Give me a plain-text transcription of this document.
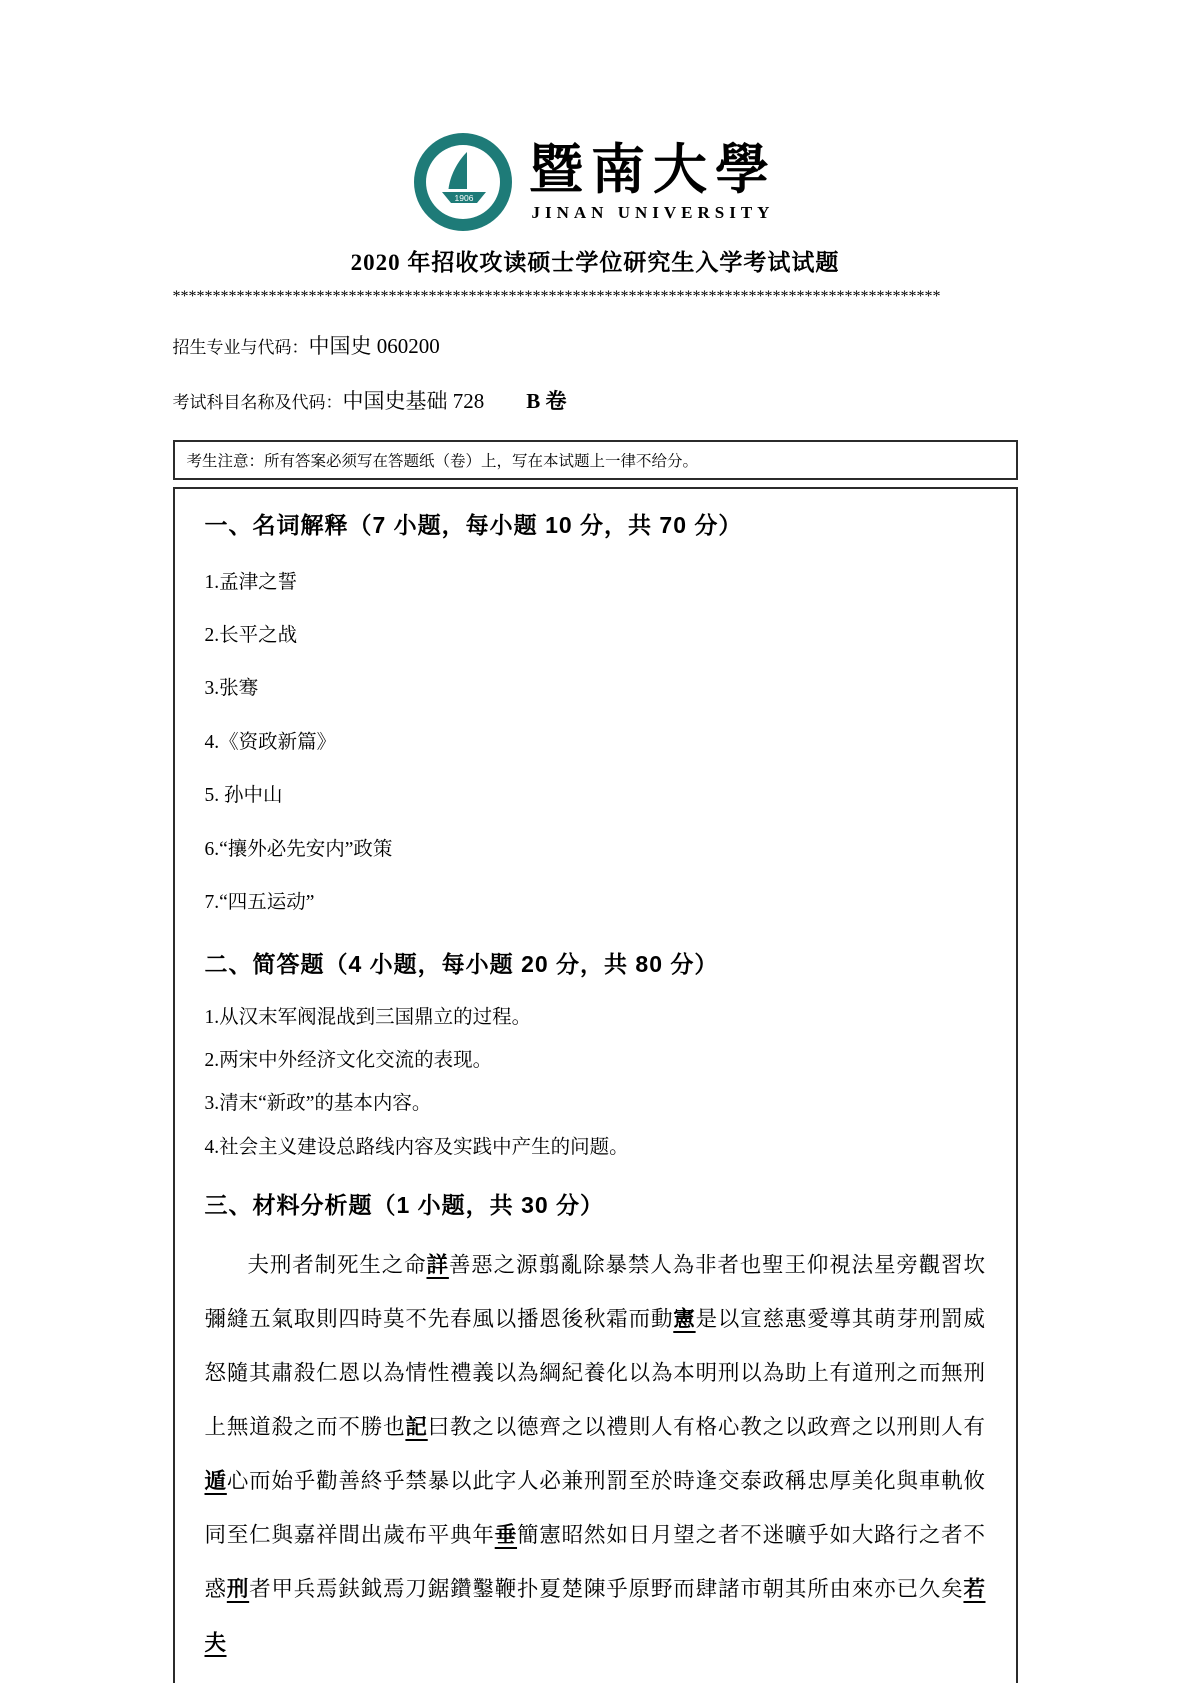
1906 暨南大學
JINAN UNIVERSITY
2020 年招收攻读硕士学位研究生入学考试试题
************************************************************************************************
招生专业与代码：中国史 060200
考试科目名称及代码：中国史基础 728 B 卷
考生注意：所有答案必须写在答题纸（卷）上，写在本试题上一律不给分。
一、名词解释（7 小题，每小题 10 分，共 70 分）
1.孟津之誓
2.长平之战
3.张骞
4.《资政新篇》
5. 孙中山
6.“攘外必先安内”政策
7.“四五运动”
二、简答题（4 小题，每小题 20 分，共 80 分）
1.从汉末军阀混战到三国鼎立的过程。
2.两宋中外经济文化交流的表现。
3.清末“新政”的基本内容。
4.社会主义建设总路线内容及实践中产生的问题。
三、材料分析题（1 小题，共 30 分）

夫刑者制死生之命詳善惡之源翦亂除暴禁人為非者也聖王仰視法星旁觀習坎彌縫五氣取則四時莫不先春風以播恩後秋霜而動憲是以宣慈惠愛導其萌芽刑罰威怒隨其肅殺仁恩以為情性禮義以為綱紀養化以為本明刑以為助上有道刑之而無刑上無道殺之而不勝也記曰教之以德齊之以禮則人有格心教之以政齊之以刑則人有遁心而始乎勸善終乎禁暴以此字人必兼刑罰至於時逢交泰政稱忠厚美化與車軌攸同至仁與嘉祥間出歲布平典年垂簡憲昭然如日月望之者不迷曠乎如大路行之者不惑刑者甲兵焉鈇鉞焉刀鋸鑽鑿鞭扑夏楚陳乎原野而肆諸市朝其所由來亦已久矣若夫
